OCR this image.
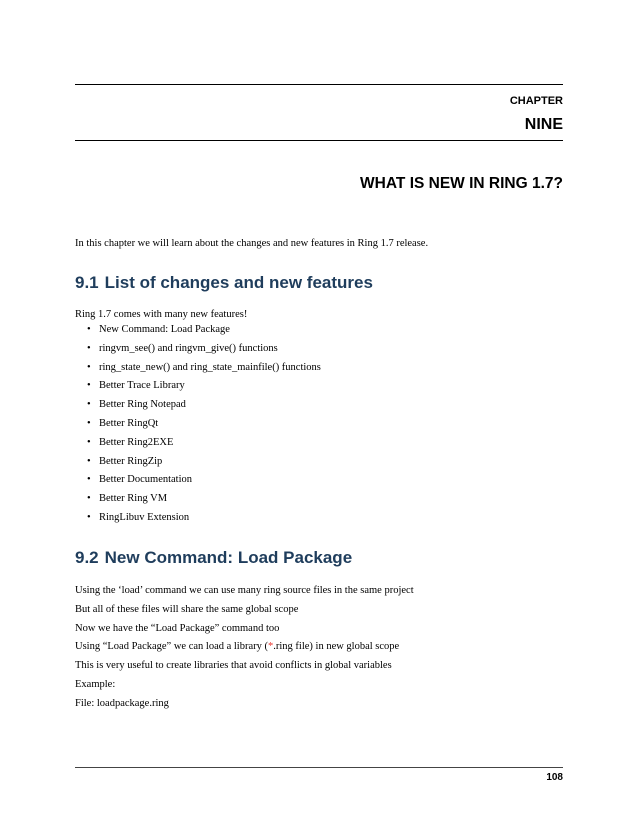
CHAPTER
NINE
WHAT IS NEW IN RING 1.7?
In this chapter we will learn about the changes and new features in Ring 1.7 release.
9.1 List of changes and new features
Ring 1.7 comes with many new features!
• New Command: Load Package
• ringvm_see() and ringvm_give() functions
• ring_state_new() and ring_state_mainfile() functions
• Better Trace Library
• Better Ring Notepad
• Better RingQt
• Better Ring2EXE
• Better RingZip
• Better Documentation
• Better Ring VM
• RingLibuv Extension
9.2 New Command: Load Package
Using the ‘load’ command we can use many ring source files in the same project
But all of these files will share the same global scope
Now we have the “Load Package” command too
Using “Load Package” we can load a library (*.ring file) in new global scope
This is very useful to create libraries that avoid conflicts in global variables
Example:
File: loadpackage.ring
108
